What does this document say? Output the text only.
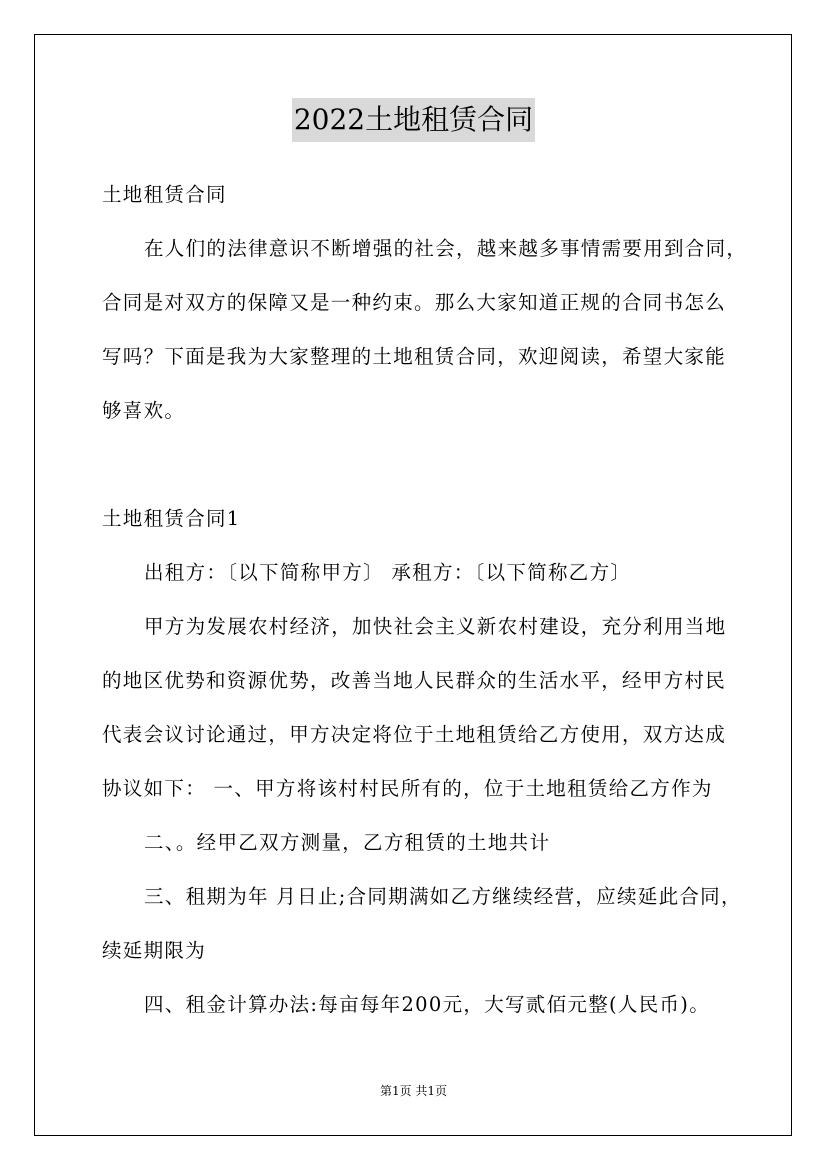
2022土地租赁合同

土地租赁合同

在人们的法律意识不断增强的社会，越来越多事情需要用到合同，

合同是对双方的保障又是一种约束。那么大家知道正规的合同书怎么

写吗？下面是我为大家整理的土地租赁合同，欢迎阅读，希望大家能

够喜欢。

土地租赁合同1

出租方：〔以下简称甲方〕 承租方：〔以下简称乙方〕

甲方为发展农村经济，加快社会主义新农村建设，充分利用当地

的地区优势和资源优势，改善当地人民群众的生活水平，经甲方村民

代表会议讨论通过，甲方决定将位于土地租赁给乙方使用，双方达成

协议如下： 一、甲方将该村村民所有的，位于土地租赁给乙方作为

二、。经甲乙双方测量，乙方租赁的土地共计

三、租期为年 月日止;合同期满如乙方继续经营，应续延此合同，

续延期限为

四、租金计算办法:每亩每年200元，大写贰佰元整(人民币)。

第1页 共1页
